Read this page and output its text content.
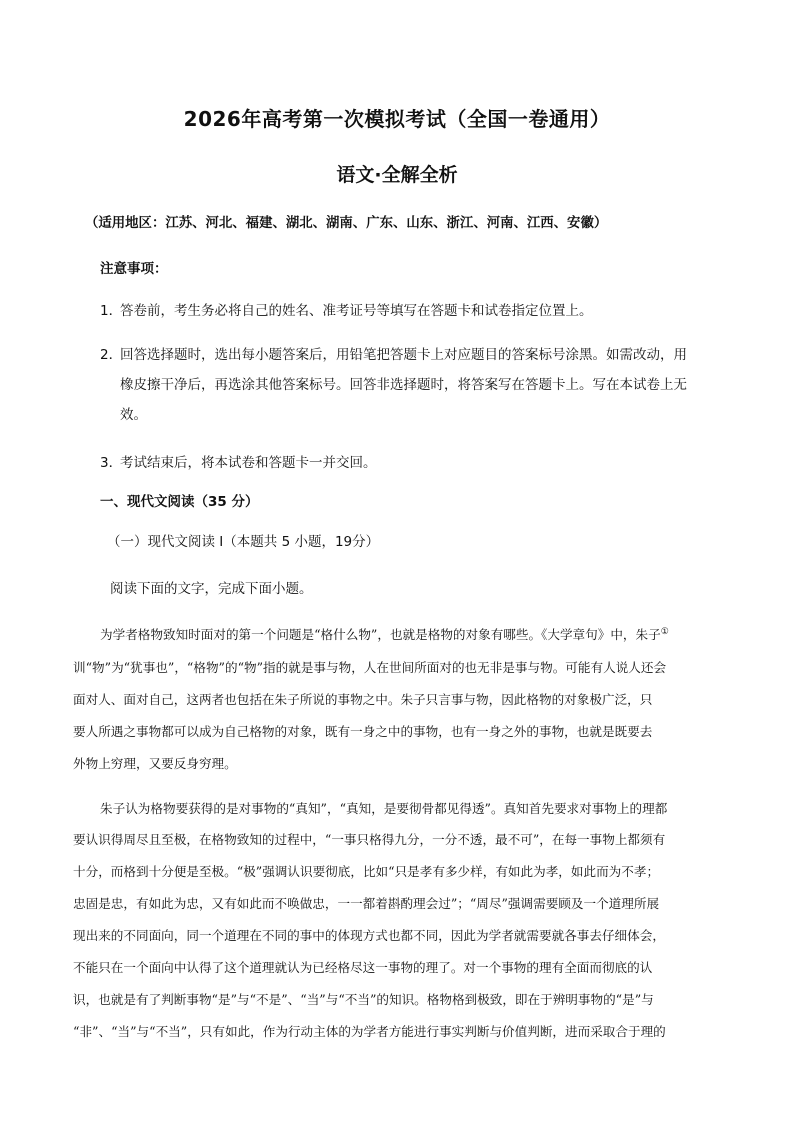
2026年高考第一次模拟考试（全国一卷通用）
语文·全解全析
（适用地区：江苏、河北、福建、湖北、湖南、广东、山东、浙江、河南、江西、安徽）
注意事项：
1．答卷前，考生务必将自己的姓名、准考证号等填写在答题卡和试卷指定位置上。
2．回答选择题时，选出每小题答案后，用铅笔把答题卡上对应题目的答案标号涂黑。如需改动，用
橡皮擦干净后，再选涂其他答案标号。回答非选择题时，将答案写在答题卡上。写在本试卷上无
效。
3．考试结束后，将本试卷和答题卡一并交回。
一、现代文阅读（35 分）
（一）现代文阅读 I（本题共 5 小题，19分）
阅读下面的文字，完成下面小题。
为学者格物致知时面对的第一个问题是“格什么物”，也就是格物的对象有哪些。《大学章句》中，朱子①
训“物”为“犹事也”，“格物”的“物”指的就是事与物，人在世间所面对的也无非是事与物。可能有人说人还会
面对人、面对自己，这两者也包括在朱子所说的事物之中。朱子只言事与物，因此格物的对象极广泛，只
要人所遇之事物都可以成为自己格物的对象，既有一身之中的事物，也有一身之外的事物，也就是既要去
外物上穷理，又要反身穷理。
朱子认为格物要获得的是对事物的“真知”，“真知，是要彻骨都见得透”。真知首先要求对事物上的理都
要认识得周尽且至极，在格物致知的过程中，“一事只格得九分，一分不透，最不可”，在每一事物上都须有
十分，而格到十分便是至极。“极”强调认识要彻底，比如“只是孝有多少样，有如此为孝，如此而为不孝；
忠固是忠，有如此为忠，又有如此而不唤做忠，一一都着斟酌理会过”；“周尽”强调需要顾及一个道理所展
现出来的不同面向，同一个道理在不同的事中的体现方式也都不同，因此为学者就需要就各事去仔细体会，
不能只在一个面向中认得了这个道理就认为已经格尽这一事物的理了。对一个事物的理有全面而彻底的认
识，也就是有了判断事物“是”与“不是”、“当”与“不当”的知识。格物格到极致，即在于辨明事物的“是”与
“非”、“当”与“不当”，只有如此，作为行动主体的为学者方能进行事实判断与价值判断，进而采取合于理的
